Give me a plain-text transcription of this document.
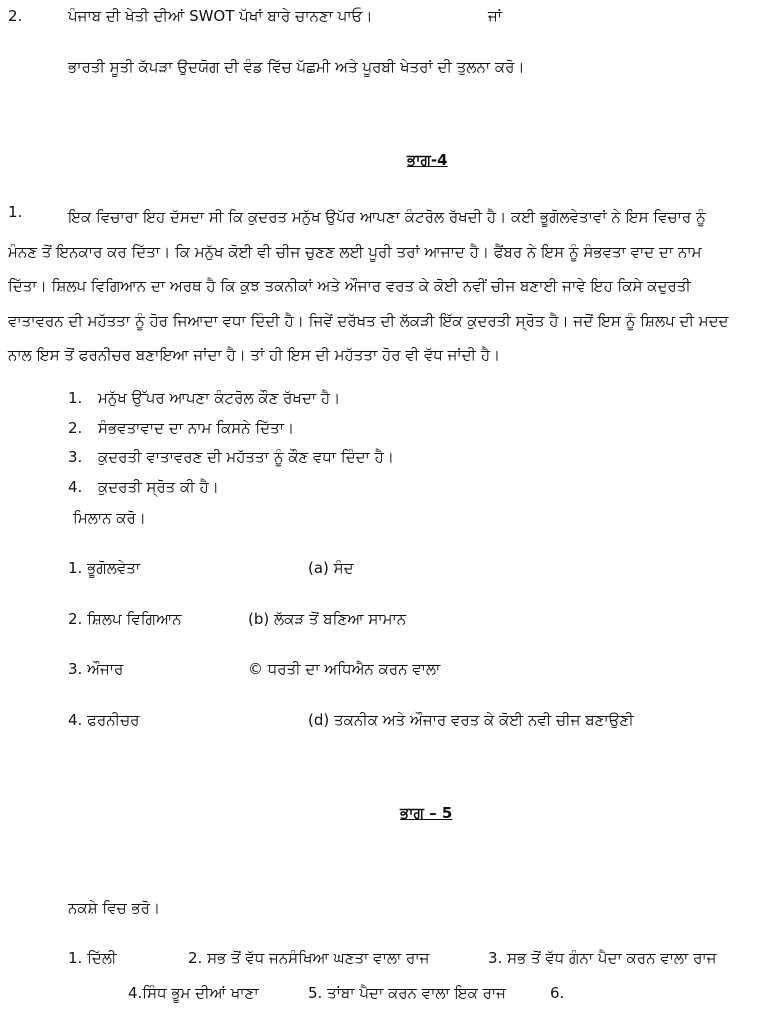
2.	ਪੰਜਾਬ ਦੀ ਖੇਤੀ ਦੀਆਂ SWOT ਪੱਖਾਂ ਬਾਰੇ ਚਾਨਣਾ ਪਾਓ।	ਜਾਂ
ਭਾਰਤੀ ਸੂਤੀ ਕੱਪੜਾ ਉਦਯੋਗ ਦੀ ਵੰਡ ਵਿੱਚ ਪੱਛਮੀ ਅਤੇ ਪੂਰਬੀ ਖੇਤਰਾਂ ਦੀ ਤੁਲਨਾ ਕਰੋ।
ਭਾਗ-4
1.	ਇਕ ਵਿਚਾਰਾ ਇਹ ਦੱਸਦਾ ਸੀ ਕਿ ਕੁਦਰਤ ਮਨੁੱਖ ਉਪੱਰ ਆਪਣਾ ਕੰਟਰੋਲ ਰੱਖਦੀ ਹੈ। ਕਈ ਭੂਗੋਲਵੇਤਾਵਾਂ ਨੇ ਇਸ ਵਿਚਾਰ ਨੂੰ
ਮੰਨਣ ਤੋਂ ਇਨਕਾਰ ਕਰ ਦਿੱਤਾ। ਕਿ ਮਨੁੱਖ ਕੋਈ ਵੀ ਚੀਜ ਚੁਣਣ ਲਈ ਪੂਰੀ ਤਰਾਂ ਆਜਾਦ ਹੈ। ਫੈਂਬਰ ਨੇ ਇਸ ਨੂੰ ਸੰਭਵਤਾ ਵਾਦ ਦਾ ਨਾਮ
ਦਿੱਤਾ। ਸ਼ਿਲਪ ਵਿਗਿਆਨ ਦਾ ਅਰਥ ਹੈ ਕਿ ਕੁਝ ਤਕਨੀਕਾਂ ਅਤੇ ਔਜਾਰ ਵਰਤ ਕੇ ਕੋਈ ਨਵੀਂ ਚੀਜ ਬਣਾਈ ਜਾਵੇ ਇਹ ਕਿਸੇ ਕਦੁਰਤੀ
ਵਾਤਾਵਰਨ ਦੀ ਮਹੱਤਤਾ ਨੂੰ ਹੋਰ ਜਿਆਦਾ ਵਧਾ ਦਿੰਦੀ ਹੈ। ਜਿਵੇਂ ਦਰੱਖਤ ਦੀ ਲੱਕੜੀ ਇੱਕ ਕੁਦਰਤੀ ਸ੍ਰੋਤ ਹੈ। ਜਦੋਂ ਇਸ ਨੂੰ ਸ਼ਿਲਪ ਦੀ ਮਦਦ
ਨਾਲ ਇਸ ਤੋਂ ਫਰਨੀਚਰ ਬਣਾਇਆ ਜਾਂਦਾ ਹੈ। ਤਾਂ ਹੀ ਇਸ ਦੀ ਮਹੱਤਤਾ ਹੋਰ ਵੀ ਵੱਧ ਜਾਂਦੀ ਹੈ।
1. ਮਨੁੱਖ ਉੱਪਰ ਆਪਣਾ ਕੰਟਰੋਲ ਕੌਣ ਰੱਖਦਾ ਹੈ।
2. ਸੰਭਵਤਾਵਾਦ ਦਾ ਨਾਮ ਕਿਸਨੇ ਦਿੱਤਾ।
3. ਕੁਦਰਤੀ ਵਾਤਾਵਰਣ ਦੀ ਮਹੱਤਤਾ ਨੂੰ ਕੌਣ ਵਧਾ ਦਿੰਦਾ ਹੈ।
4. ਕੁਦਰਤੀ ਸ੍ਰੋਤ ਕੀ ਹੈ।
ਮਿਲਾਨ ਕਰੋ।
1. ਭੂਗੋਲਵੇਤਾ	(a) ਸੰਦ
2. ਸ਼ਿਲਪ ਵਿਗਿਆਨ	(b) ਲੱਕੜ ਤੋਂ ਬਣਿਆ ਸਾਮਾਨ
3. ਔਜਾਰ	© ਧਰਤੀ ਦਾ ਅਧਿਐਨ ਕਰਨ ਵਾਲਾ
4. ਫਰਨੀਚਰ	(d) ਤਕਨੀਕ ਅਤੇ ਔਜਾਰ ਵਰਤ ਕੇ ਕੋਈ ਨਵੀ ਚੀਜ ਬਣਾਉਣੀ
ਭਾਗ – 5
ਨਕਸ਼ੇ ਵਿਚ ਭਰੋ।
1. ਦਿੱਲੀ	2. ਸਭ ਤੋਂ ਵੱਧ ਜਨਸੰਖਿਆ ਘਣਤਾ ਵਾਲਾ ਰਾਜ	3. ਸਭ ਤੋਂ ਵੱਧ ਗੰਨਾ ਪੈਦਾ ਕਰਨ ਵਾਲਾ ਰਾਜ
4.ਸਿੰਧ ਭੂਮ ਦੀਆਂ ਖਾਣਾ	5. ਤਾਂਬਾ ਪੈਦਾ ਕਰਨ ਵਾਲਾ ਇਕ ਰਾਜ	6.
